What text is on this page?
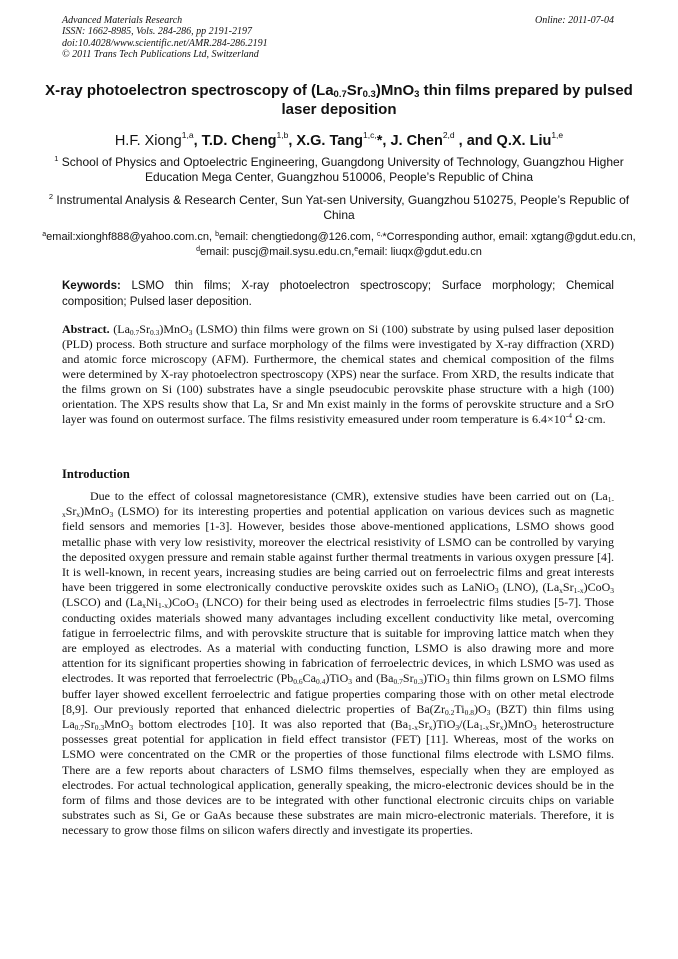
Advanced Materials Research
ISSN: 1662-8985, Vols. 284-286, pp 2191-2197
doi:10.4028/www.scientific.net/AMR.284-286.2191
© 2011 Trans Tech Publications Ltd, Switzerland
Online: 2011-07-04
X-ray photoelectron spectroscopy of $(La_{0.7}Sr_{0.3})MnO_3$ thin films prepared by pulsed laser deposition
H.F. Xiong$^{1,a}$, T.D. Cheng$^{1,b}$, X.G. Tang$^{1,c,}$*, J. Chen$^{2,d}$ , and Q.X. Liu$^{1,e}$
$^1$ School of Physics and Optoelectric Engineering, Guangdong University of Technology, Guangzhou Higher Education Mega Center, Guangzhou 510006, People’s Republic of China
$^2$ Instrumental Analysis & Research Center, Sun Yat-sen University, Guangzhou 510275, People’s Republic of China
$^a$email:xionghf888@yahoo.com.cn, $^b$email: chengtiedong@126.com, $^{c,}$*Corresponding author, email: xgtang@gdut.edu.cn, $^d$email: puscj@mail.sysu.edu.cn,$^e$email: liuqx@gdut.edu.cn
Keywords: LSMO thin films; X-ray photoelectron spectroscopy; Surface morphology; Chemical composition; Pulsed laser deposition.
Abstract. $(La_{0.7}Sr_{0.3})MnO_3$ (LSMO) thin films were grown on Si (100) substrate by using pulsed laser deposition (PLD) process. Both structure and surface morphology of the films were investigated by X-ray diffraction (XRD) and atomic force microscopy (AFM). Furthermore, the chemical states and chemical composition of the films were determined by X-ray photoelectron spectroscopy (XPS) near the surface. From XRD, the results indicate that the films grown on Si (100) substrates have a single pseudocubic perovskite phase structure with a high (100) orientation. The XPS results show that La, Sr and Mn exist mainly in the forms of perovskite structure and a SrO layer was found on outermost surface. The films resistivity emeasured under room temperature is $6.4\times 10^{-4}$ Ω·cm.
Introduction
Due to the effect of colossal magnetoresistance (CMR), extensive studies have been carried out on $(La_{1-x}Sr_x)MnO_3$ (LSMO) for its interesting properties and potential application on various devices such as magnetic field sensors and memories [1-3]. However, besides those above-mentioned applications, LSMO shows good metallic phase with very low resistivity, moreover the electrical resistivity of LSMO can be controlled by varying the deposited oxygen pressure and remain stable against further thermal treatments in various oxygen pressure [4]. It is well-known, in recent years, increasing studies are being carried out on ferroelectric films and great interests have been triggered in some electronically conductive perovskite oxides such as LaNiO$_3$ (LNO), $(La_xSr_{1-x})CoO_3$ (LSCO) and $(La_xNi_{1-x})CoO_3$ (LNCO) for their being used as electrodes in ferroelectric films studies [5-7]. Those conducting oxides materials showed many advantages including excellent conductivity like metal, overcoming fatigue in ferroelectric films, and with perovskite structure that is suitable for improving lattice match when they are employed as electrodes. As a material with conducting function, LSMO is also drawing more and more attention for its significant properties showing in fabrication of ferroelectric devices, in which LSMO was used as electrodes. It was reported that ferroelectric $(Pb_{0.6}Ca_{0.4})TiO_3$ and $(Ba_{0.7}Sr_{0.3})TiO_3$ thin films grown on LSMO films buffer layer showed excellent ferroelectric and fatigue properties comparing those with on other metal electrode [8,9]. Our previously reported that enhanced dielectric properties of $Ba(Zr_{0.2}Ti_{0.8})O_3$ (BZT) thin films using $La_{0.7}Sr_{0.3}MnO_3$ bottom electrodes [10]. It was also reported that $(Ba_{1-x}Sr_x)TiO_3/(La_{1-x}Sr_x)MnO_3$ heterostructure possesses great potential for application in field effect transistor (FET) [11]. Whereas, most of the works on LSMO were concentrated on the CMR or the properties of those functional films electrode with LSMO films. There are a few reports about characters of LSMO films themselves, especially when they are employed as electrodes. For actual technological application, generally speaking, the micro-electronic devices should be in the form of films and those devices are to be integrated with other functional electronic circuits chips on variable substrates such as Si, Ge or GaAs because these substrates are main micro-electronic materials. Therefore, it is necessary to grow those films on silicon wafers directly and investigate its properties.
